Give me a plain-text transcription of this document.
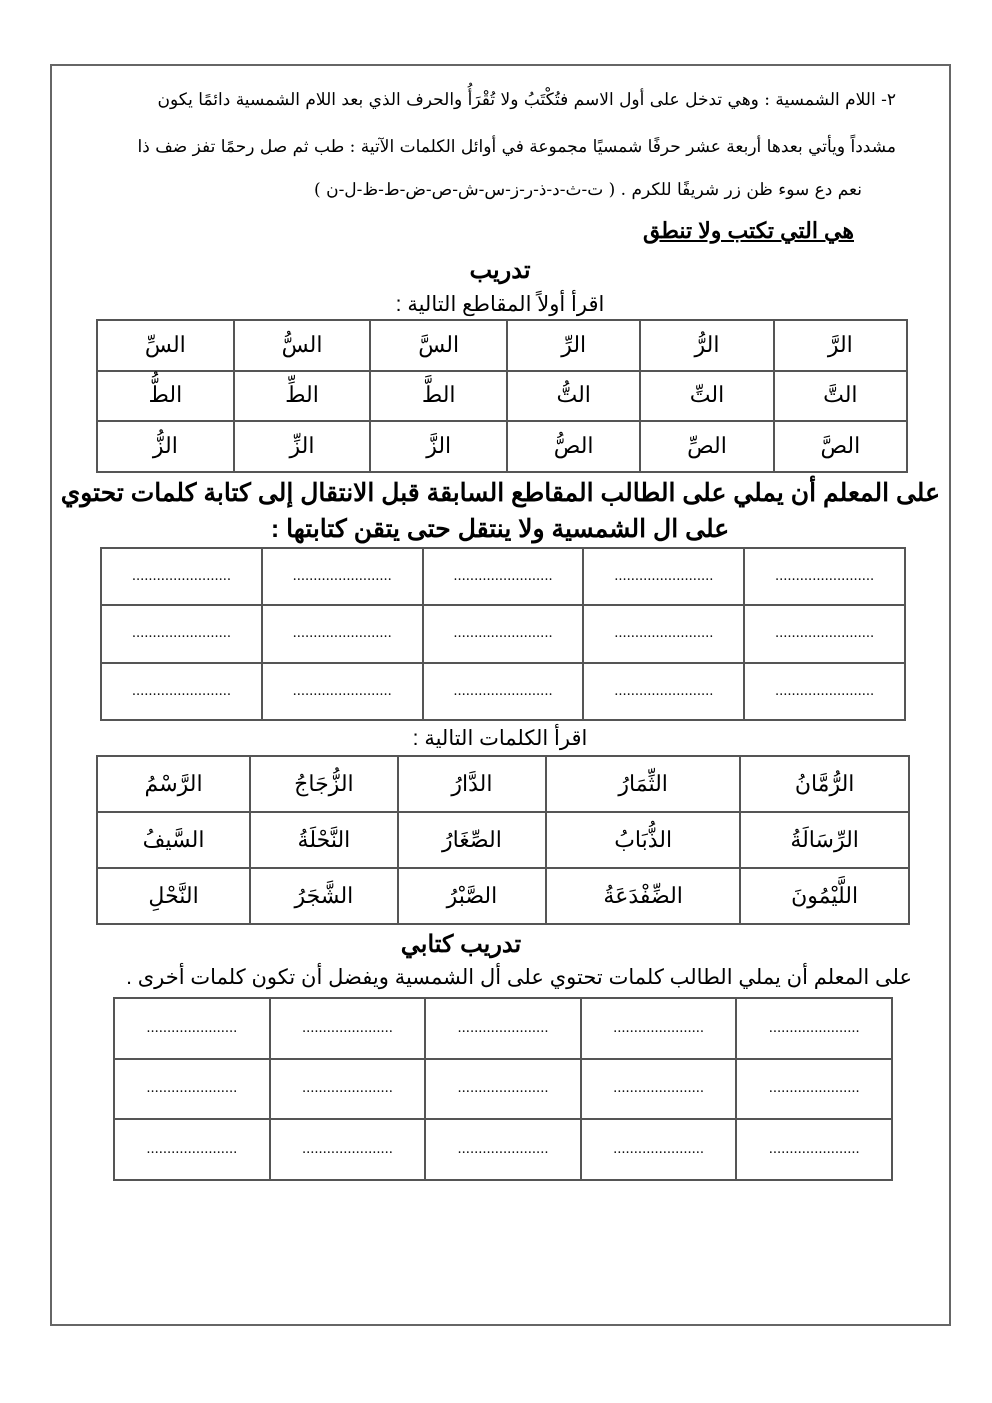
٢- اللام الشمسية : وهي تدخل على أول الاسم فتُكْتَبُ ولا تُقْرَأُ والحرف الذي بعد اللام الشمسية دائمًا يكون
مشدداً ويأتي بعدها أربعة عشر حرفًا شمسيًا مجموعة في أوائل الكلمات الآتية : طب ثم صل رحمًا تفز ضف ذا
نعم دع سوء ظن زر شريفًا للكرم . ( ت-ث-د-ذ-ر-ز-س-ش-ص-ض-ط-ظ-ل-ن )
هي التي تكتب ولا تنطق
تدريب
اقرأ أولاً المقاطع التالية :
الرَّ	الرُّ	الرِّ	السَّ	السُّ	السِّ
التَّ	التِّ	التُّ	الطَّ	الطِّ	الطُّ
الصَّ	الصِّ	الصُّ	الزَّ	الزِّ	الزُّ
على المعلم أن يملي على الطالب المقاطع السابقة قبل الانتقال إلى كتابة كلمات تحتوي
على ال الشمسية ولا ينتقل حتى يتقن كتابتها :
........................	........................	........................	........................	........................
........................	........................	........................	........................	........................
........................	........................	........................	........................	........................
اقرأ الكلمات التالية :
الرُّمَّانُ	الثِّمَارُ	الدَّارُ	الزُّجَاجُ	الرَّسْمُ
الرِّسَالَةُ	الذُّبَابُ	الصِّغَارُ	النَّحْلَةُ	السَّيفُ
اللَّيْمُونَ	الضِّفْدَعَةُ	الصَّبْرُ	الشَّجَرُ	النَّحْلِ
تدريب كتابي
على المعلم أن يملي الطالب كلمات تحتوي على أل الشمسية ويفضل أن تكون كلمات أخرى .
......................	......................	......................	......................	......................
......................	......................	......................	......................	......................
......................	......................	......................	......................	......................
